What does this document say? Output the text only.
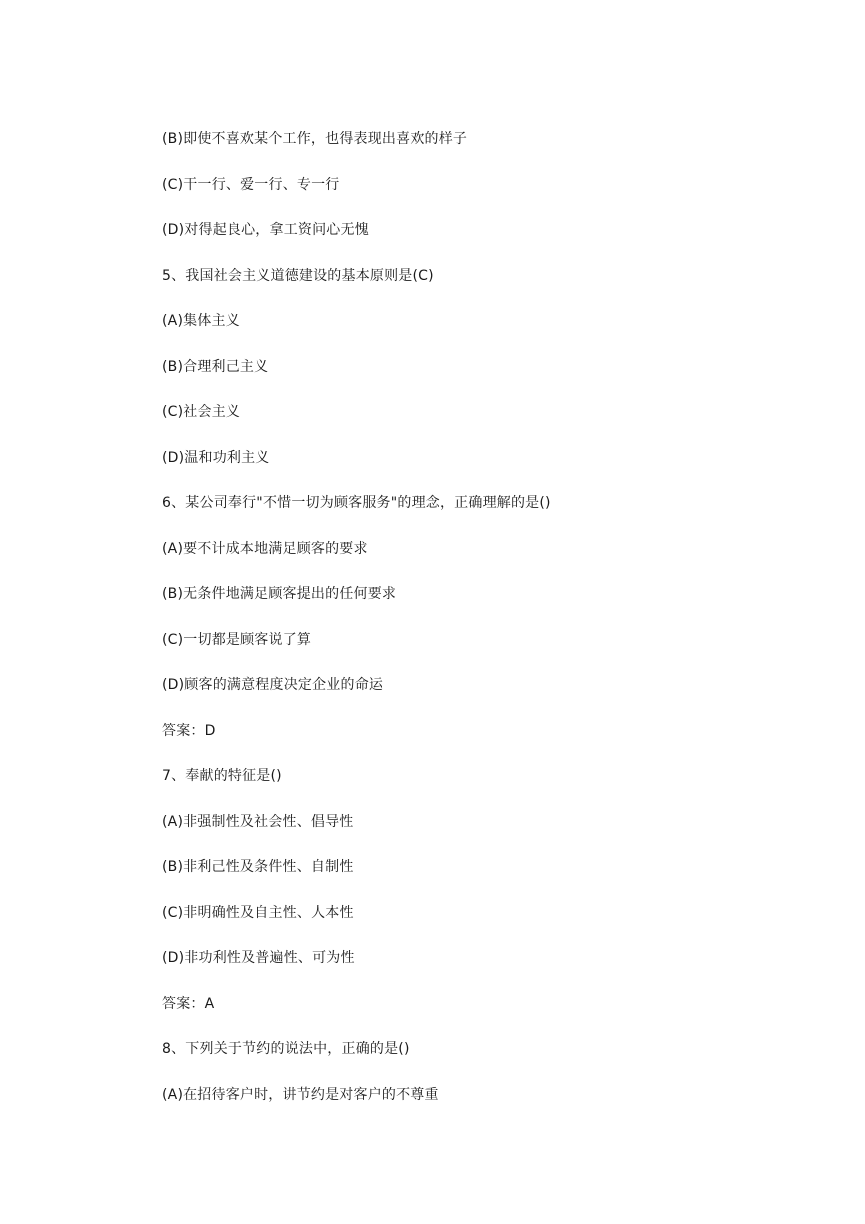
(B)即使不喜欢某个工作，也得表现出喜欢的样子
(C)干一行、爱一行、专一行
(D)对得起良心，拿工资问心无愧
5、我国社会主义道德建设的基本原则是(C)
(A)集体主义
(B)合理利己主义
(C)社会主义
(D)温和功利主义
6、某公司奉行"不惜一切为顾客服务"的理念，正确理解的是()
(A)要不计成本地满足顾客的要求
(B)无条件地满足顾客提出的任何要求
(C)一切都是顾客说了算
(D)顾客的满意程度决定企业的命运
答案：D
7、奉献的特征是()
(A)非强制性及社会性、倡导性
(B)非利己性及条件性、自制性
(C)非明确性及自主性、人本性
(D)非功利性及普遍性、可为性
答案：A
8、下列关于节约的说法中，正确的是()
(A)在招待客户时，讲节约是对客户的不尊重
